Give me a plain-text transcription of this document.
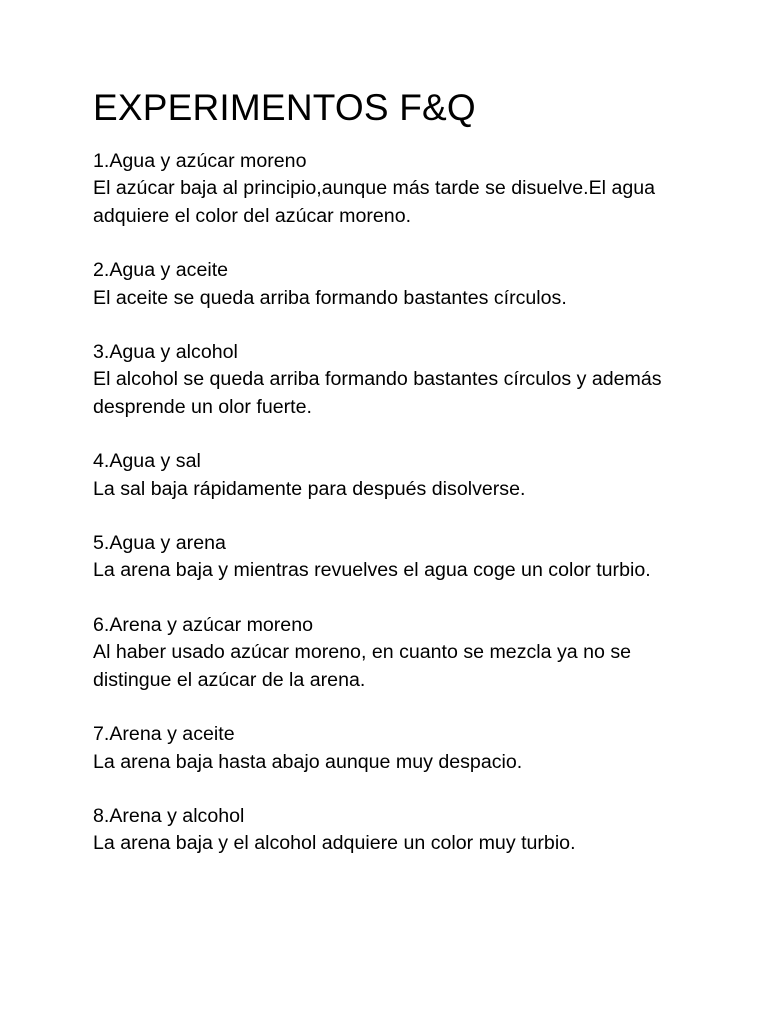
EXPERIMENTOS F&Q
1.Agua y azúcar moreno
El azúcar baja al principio,aunque más tarde se disuelve.El agua adquiere el color del azúcar moreno.
2.Agua y aceite
El aceite se queda arriba formando bastantes círculos.
3.Agua y alcohol
El alcohol se queda arriba formando bastantes círculos y además desprende un olor fuerte.
4.Agua y sal
La sal baja rápidamente para después disolverse.
5.Agua y arena
La arena baja y mientras revuelves el agua coge un color turbio.
6.Arena y azúcar moreno
Al haber usado azúcar moreno, en cuanto se mezcla ya no se distingue el azúcar de la arena.
7.Arena y aceite
La arena baja hasta abajo aunque muy despacio.
8.Arena y alcohol
La arena baja y el alcohol adquiere un color muy turbio.
